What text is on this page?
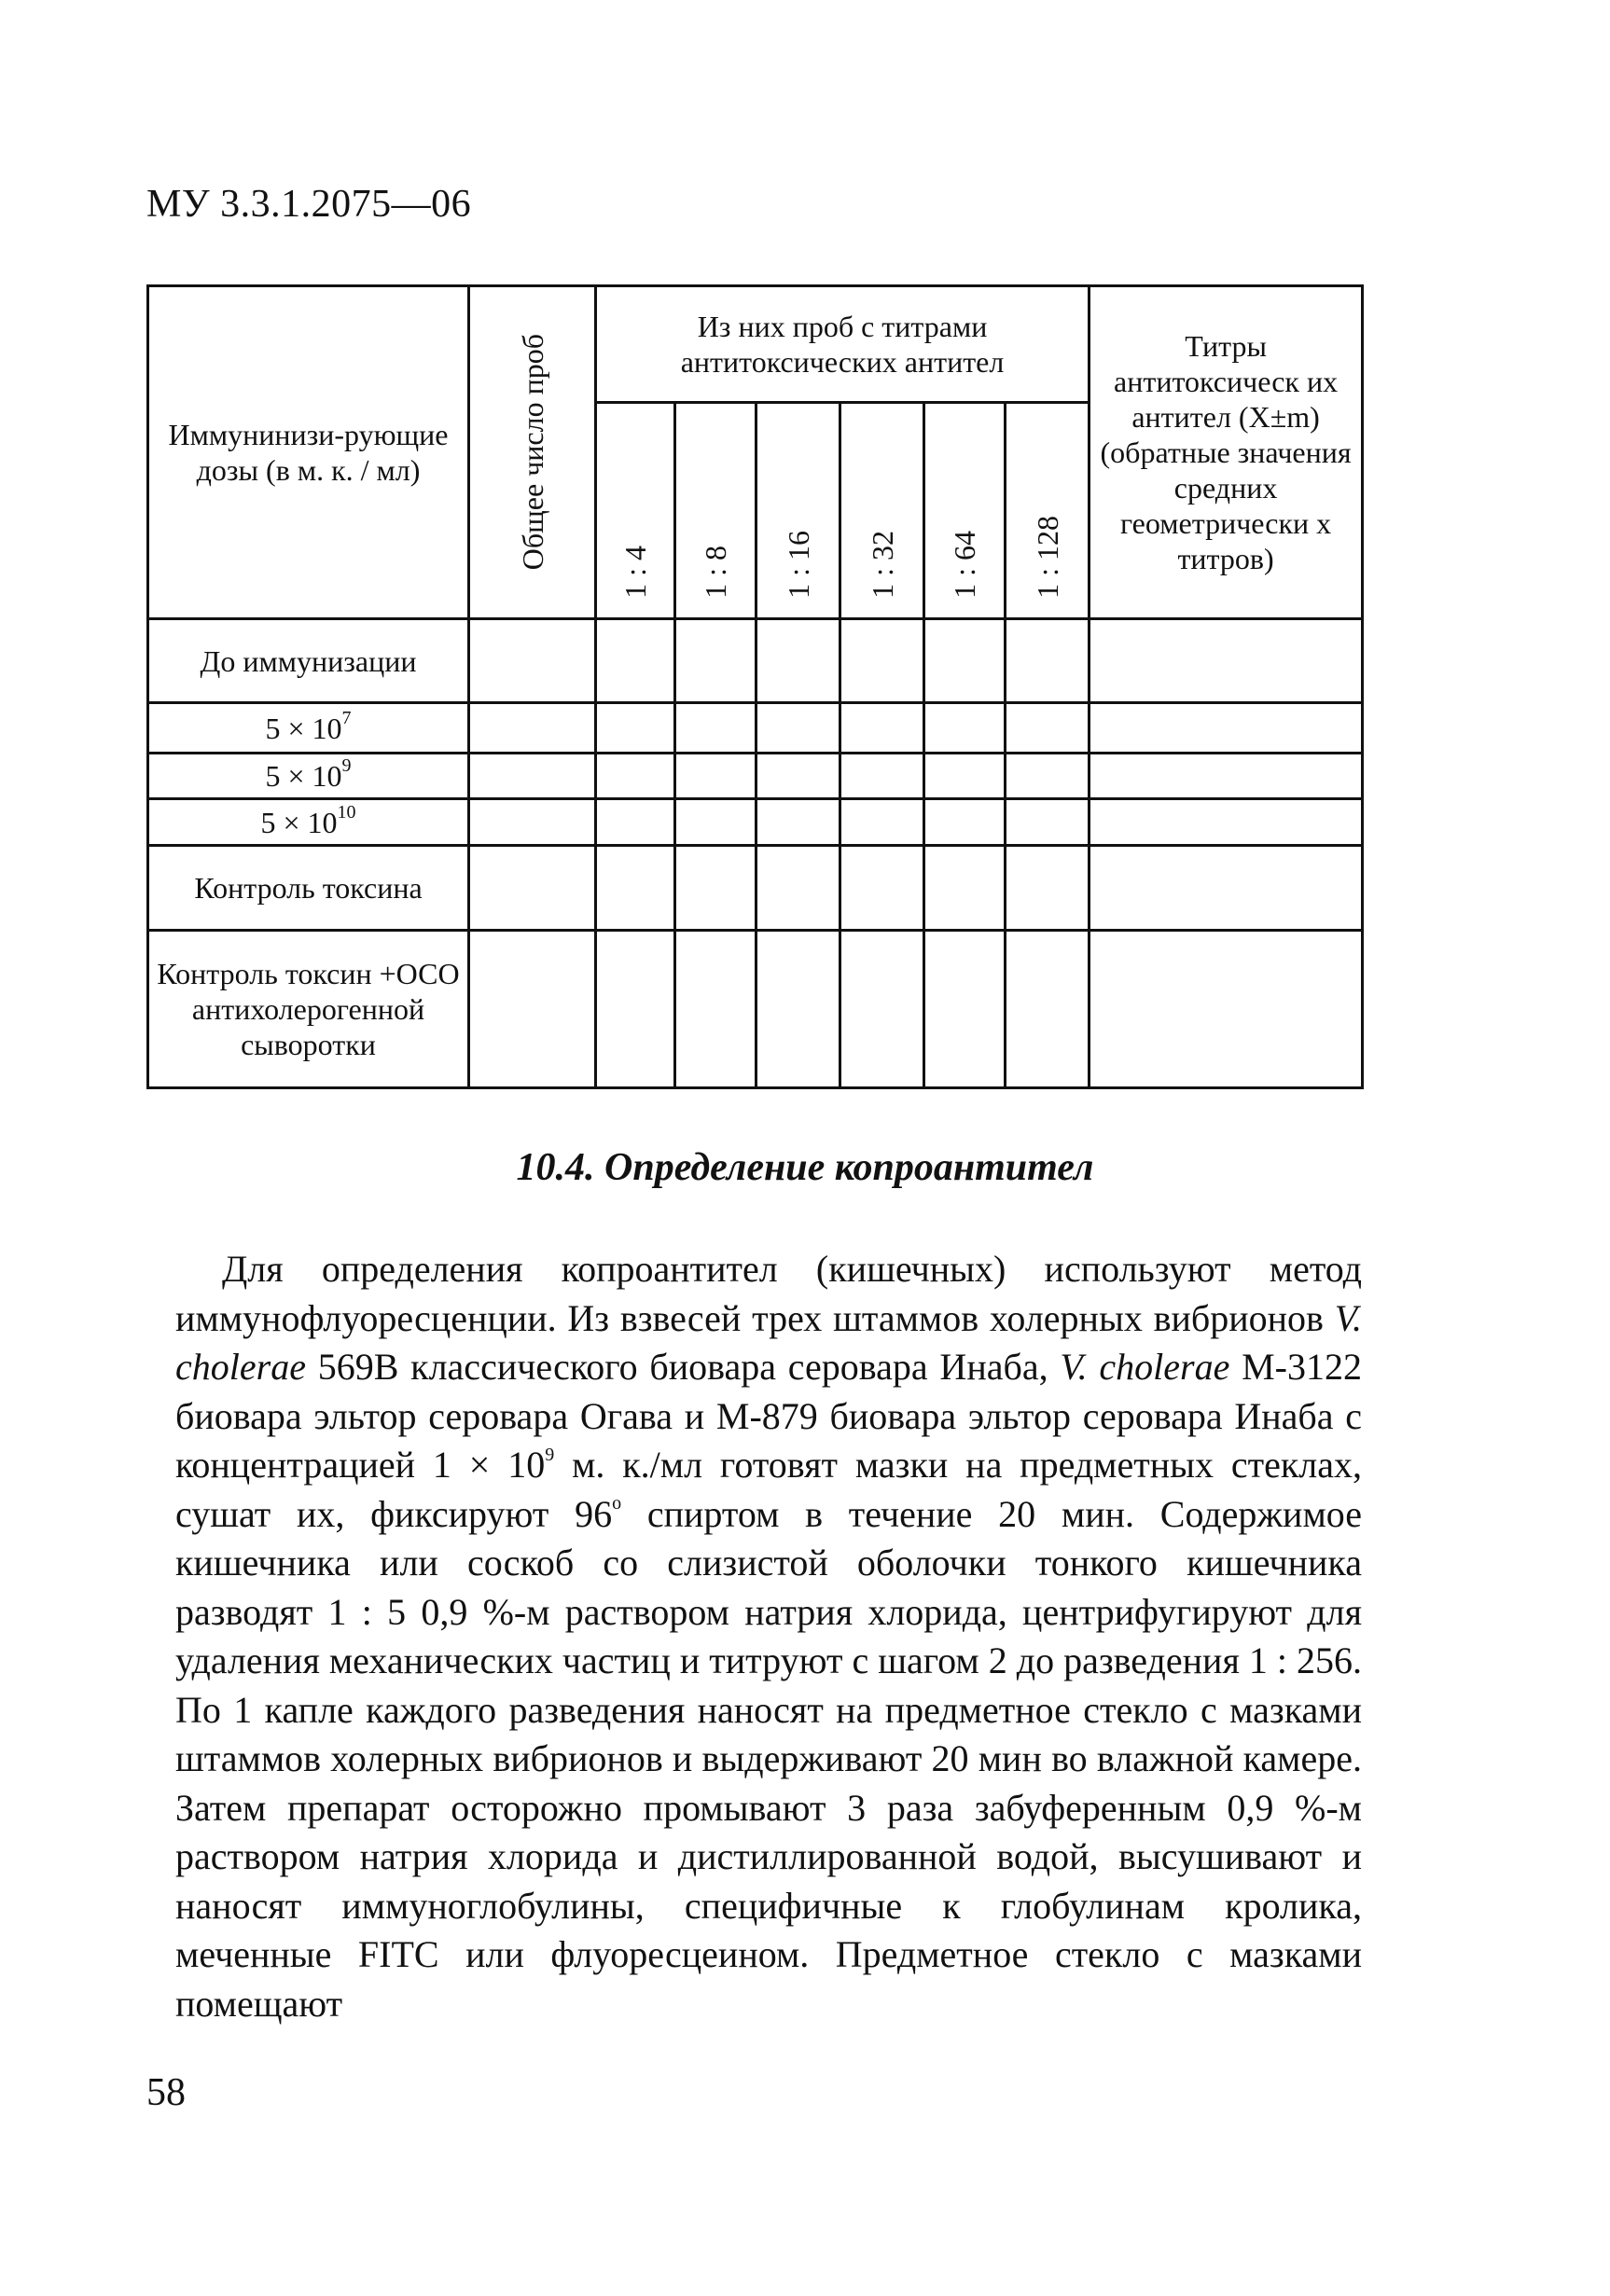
МУ 3.3.1.2075—06
Иммунинизи-рующие дозы (в м. к. / мл)	Общее число проб	Из них проб с титрами антитоксических антител						Титры антитоксическ их антител (X±m) (обратные значения средних геометрически х титров)

		1 : 4	1 : 8	1 : 16	1 : 32	1 : 64	1 : 128	

До иммунизации								
$5 \times 10^7$								
$5 \times 10^9$								
$5 \times 10^{10}$								
Контроль токсина								
Контроль токсин +ОСО антихолерогенной сыворотки								
10.4. Определение копроантител

Для определения копроантител (кишечных) используют метод иммунофлуоресценции. Из взвесей трех штаммов холерных вибрионов V. cholerae 569В классического биовара серовара Инаба, V. cholerae М-3122 биовара эльтор серовара Огава и М-879 биовара эльтор серовара Инаба с концентрацией $1 \times 10^9$ м. к./мл готовят мазки на предметных стеклах, сушат их, фиксируют $96^о$ спиртом в течение 20 мин. Содержимое кишечника или соскоб со слизистой оболочки тонкого кишечника разводят 1 : 5 0,9 %-м раствором натрия хлорида, центрифугируют для удаления механических частиц и титруют с шагом 2 до разведения 1 : 256. По 1 капле каждого разведения наносят на предметное стекло с мазками штаммов холерных вибрионов и выдерживают 20 мин во влажной камере. Затем препарат осторожно промывают 3 раза забуференным 0,9 %-м раствором натрия хлорида и дистиллированной водой, высушивают и наносят иммуноглобулины, специфичные к глобулинам кролика, меченные FITC или флуоресцеином. Предметное стекло с мазками помещают

58
